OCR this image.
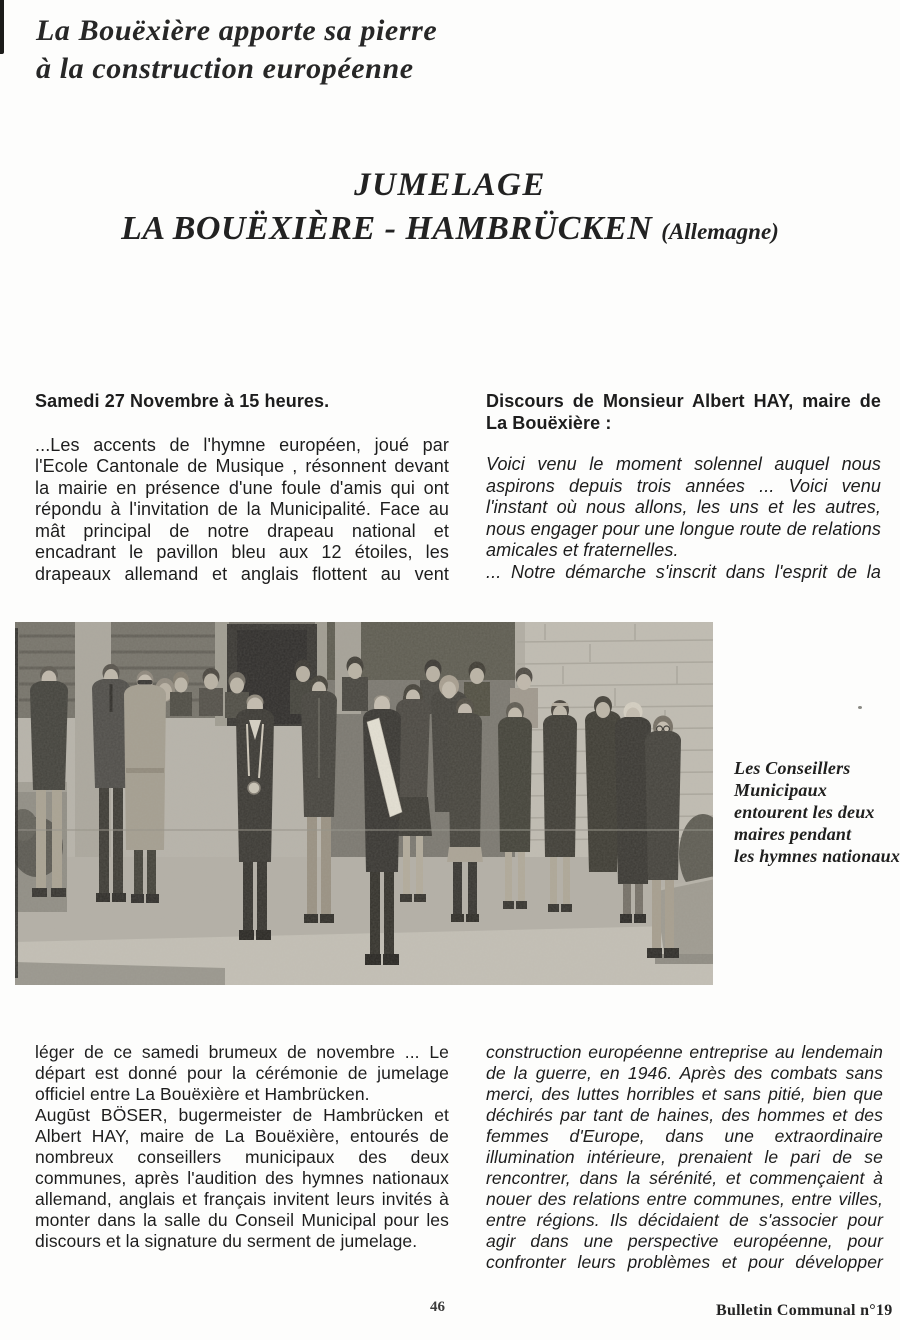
La Bouëxière apporte sa pierre
à la construction européenne
JUMELAGE
LA BOUËXIÈRE - HAMBRÜCKEN (Allemagne)

Samedi 27 Novembre à 15 heures.

...Les accents de l'hymne européen, joué par l'Ecole Cantonale de Musique , résonnent devant la mairie en présence d'une foule d'amis qui ont répondu à l'invitation de la Municipalité. Face au mât principal de notre drapeau national et encadrant le pavillon bleu aux 12 étoiles, les drapeaux allemand et anglais flottent au vent

Discours de Monsieur Albert HAY, maire de La Bouëxière :

Voici venu le moment solennel auquel nous aspirons depuis trois années ... Voici venu l'instant où nous allons, les uns et les autres, nous engager pour une longue route de relations amicales et fraternelles.

... Notre démarche s'inscrit dans l'esprit de la

Les Conseillers
Municipaux
entourent les deux
maires pendant
les hymnes nationaux

léger de ce samedi brumeux de novembre ... Le départ est donné pour la cérémonie de jumelage officiel entre La Bouëxière et Hambrücken.

Augūst BÖSER, bugermeister de Hambrücken et Albert HAY, maire de La Bouëxière, entourés de nombreux conseillers municipaux des deux communes, après l'audition des hymnes nationaux allemand, anglais et français invitent leurs invités à monter dans la salle du Conseil Municipal pour les discours et la signature du serment de jumelage.

construction européenne entreprise au lendemain de la guerre, en 1946. Après des combats sans merci, des luttes horribles et sans pitié, bien que déchirés par tant de haines, des hommes et des femmes d'Europe, dans une extraordinaire illumination intérieure, prenaient le pari de se rencontrer, dans la sérénité, et commençaient à nouer des relations entre communes, entre villes, entre régions. Ils décidaient de s'associer pour agir dans une perspective européenne, pour confronter leurs problèmes et pour développer

46	Bulletin Communal n°19
